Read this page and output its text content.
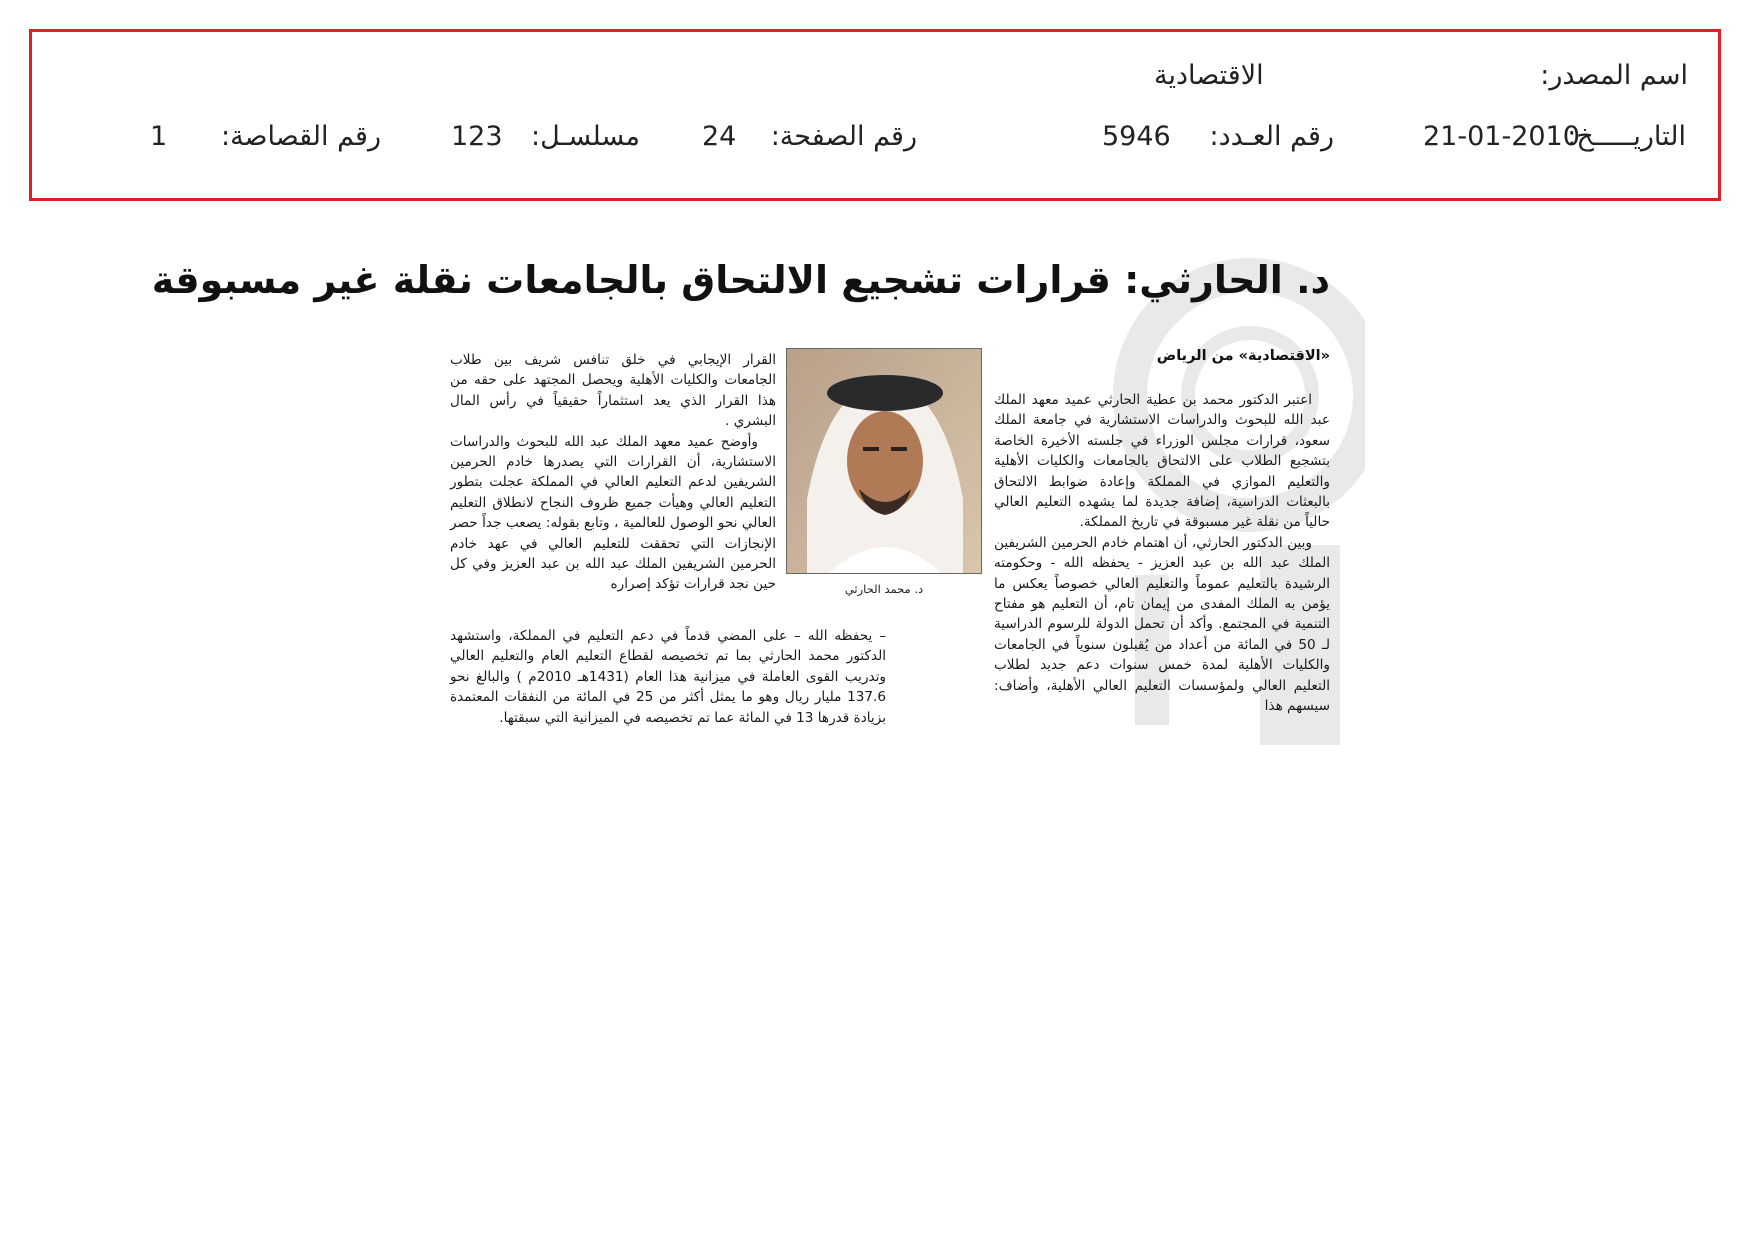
اسم المصدر:
الاقتصادية
التاريـــــخ:
21-01-2010
رقم العـدد:
5946
رقم الصفحة:
24
مسلسـل:
123
رقم القصاصة:
1
د. الحارثي: قرارات تشجيع الالتحاق بالجامعات نقلة غير مسبوقة
«الاقتصادية» من الرياض
د. محمد الحارثي

اعتبر الدكتور محمد بن عطية الحارثي عميد معهد الملك عبد الله للبحوث والدراسات الاستشارية في جامعة الملك سعود، قرارات مجلس الوزراء في جلسته الأخيرة الخاصة بتشجيع الطلاب على الالتحاق بالجامعات والكليات الأهلية والتعليم الموازي في المملكة وإعادة ضوابط الالتحاق بالبعثات الدراسية، إضافة جديدة لما يشهده التعليم العالي حالياً من نقلة غير مسبوقة في تاريخ المملكة.

وبين الدكتور الحارثي، أن اهتمام خادم الحرمين الشريفين الملك عبد الله بن عبد العزيز - يحفظه الله - وحكومته الرشيدة بالتعليم عموماً والتعليم العالي خصوصاً يعكس ما يؤمن به الملك المفدى من إيمان تام، أن التعليم هو مفتاح التنمية في المجتمع. وأكد أن تحمل الدولة للرسوم الدراسية لـ 50 في المائة من أعداد من يُقبلون سنوياً في الجامعات والكليات الأهلية لمدة خمس سنوات دعم جديد لطلاب التعليم العالي ولمؤسسات التعليم العالي الأهلية، وأضاف: سيسهم هذا

القرار الإيجابي في خلق تنافس شريف بين طلاب الجامعات والكليات الأهلية ويحصل المجتهد على حقه من هذا القرار الذي يعد استثماراً حقيقياً في رأس المال البشري .

وأوضح عميد معهد الملك عبد الله للبحوث والدراسات الاستشارية، أن القرارات التي يصدرها خادم الحرمين الشريفين لدعم التعليم العالي في المملكة عجلت بتطور التعليم العالي وهيأت جميع ظروف النجاح لانطلاق التعليم العالي نحو الوصول للعالمية ، وتابع بقوله: يصعب جداً حصر الإنجازات التي تحققت للتعليم العالي في عهد خادم الحرمين الشريفين الملك عبد الله بن عبد العزيز وفي كل حين نجد قرارات تؤكد إصراره

– يحفظه الله – على المضي قدماً في دعم التعليم في المملكة، واستشهد الدكتور محمد الحارثي بما تم تخصيصه لقطاع التعليم العام والتعليم العالي وتدريب القوى العاملة في ميزانية هذا العام (1431هـ 2010م ) والبالغ نحو 137.6 مليار ريال وهو ما يمثل أكثر من 25 في المائة من النفقات المعتمدة بزيادة قدرها 13 في المائة عما تم تخصيصه في الميزانية التي سبقتها.
